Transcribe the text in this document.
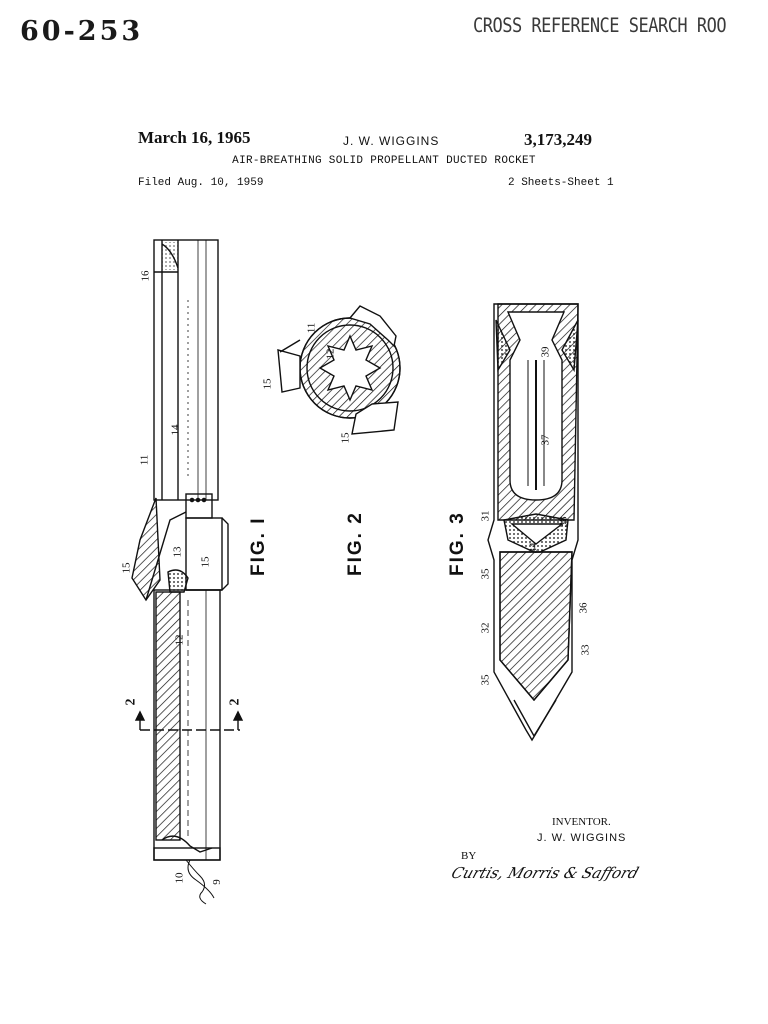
60-253	CROSS REFERENCE SEARCH ROO
March 16, 1965	J. W. WIGGINS	3,173,249
AIR-BREATHING SOLID PROPELLANT DUCTED ROCKET
Filed Aug. 10, 1959	2 Sheets-Sheet 1
FIG. I	FIG. 2	FIG. 3
16
11
14
13
15
15
12
10 9
2	2
11
12
15
15
39
37
31
38
34
35
36
32
33
35
INVENTOR.
J. W. WIGGINS
BY
Curtis, Morris & Safford
